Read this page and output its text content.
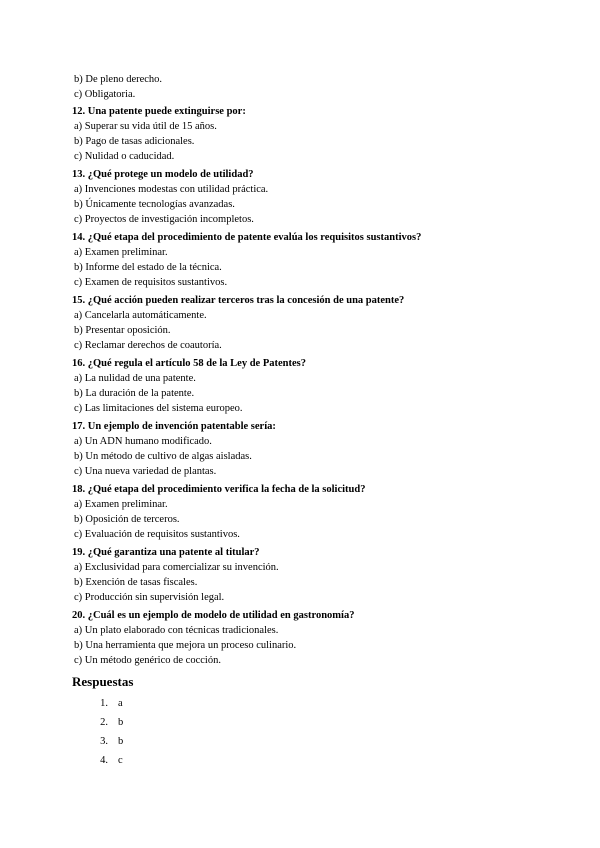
b) De pleno derecho.
c) Obligatoria.
12. Una patente puede extinguirse por:
a) Superar su vida útil de 15 años.
b) Pago de tasas adicionales.
c) Nulidad o caducidad.
13. ¿Qué protege un modelo de utilidad?
a) Invenciones modestas con utilidad práctica.
b) Únicamente tecnologías avanzadas.
c) Proyectos de investigación incompletos.
14. ¿Qué etapa del procedimiento de patente evalúa los requisitos sustantivos?
a) Examen preliminar.
b) Informe del estado de la técnica.
c) Examen de requisitos sustantivos.
15. ¿Qué acción pueden realizar terceros tras la concesión de una patente?
a) Cancelarla automáticamente.
b) Presentar oposición.
c) Reclamar derechos de coautoría.
16. ¿Qué regula el artículo 58 de la Ley de Patentes?
a) La nulidad de una patente.
b) La duración de la patente.
c) Las limitaciones del sistema europeo.
17. Un ejemplo de invención patentable sería:
a) Un ADN humano modificado.
b) Un método de cultivo de algas aisladas.
c) Una nueva variedad de plantas.
18. ¿Qué etapa del procedimiento verifica la fecha de la solicitud?
a) Examen preliminar.
b) Oposición de terceros.
c) Evaluación de requisitos sustantivos.
19. ¿Qué garantiza una patente al titular?
a) Exclusividad para comercializar su invención.
b) Exención de tasas fiscales.
c) Producción sin supervisión legal.
20. ¿Cuál es un ejemplo de modelo de utilidad en gastronomía?
a) Un plato elaborado con técnicas tradicionales.
b) Una herramienta que mejora un proceso culinario.
c) Un método genérico de cocción.
Respuestas
1. a
2. b
3. b
4. c
